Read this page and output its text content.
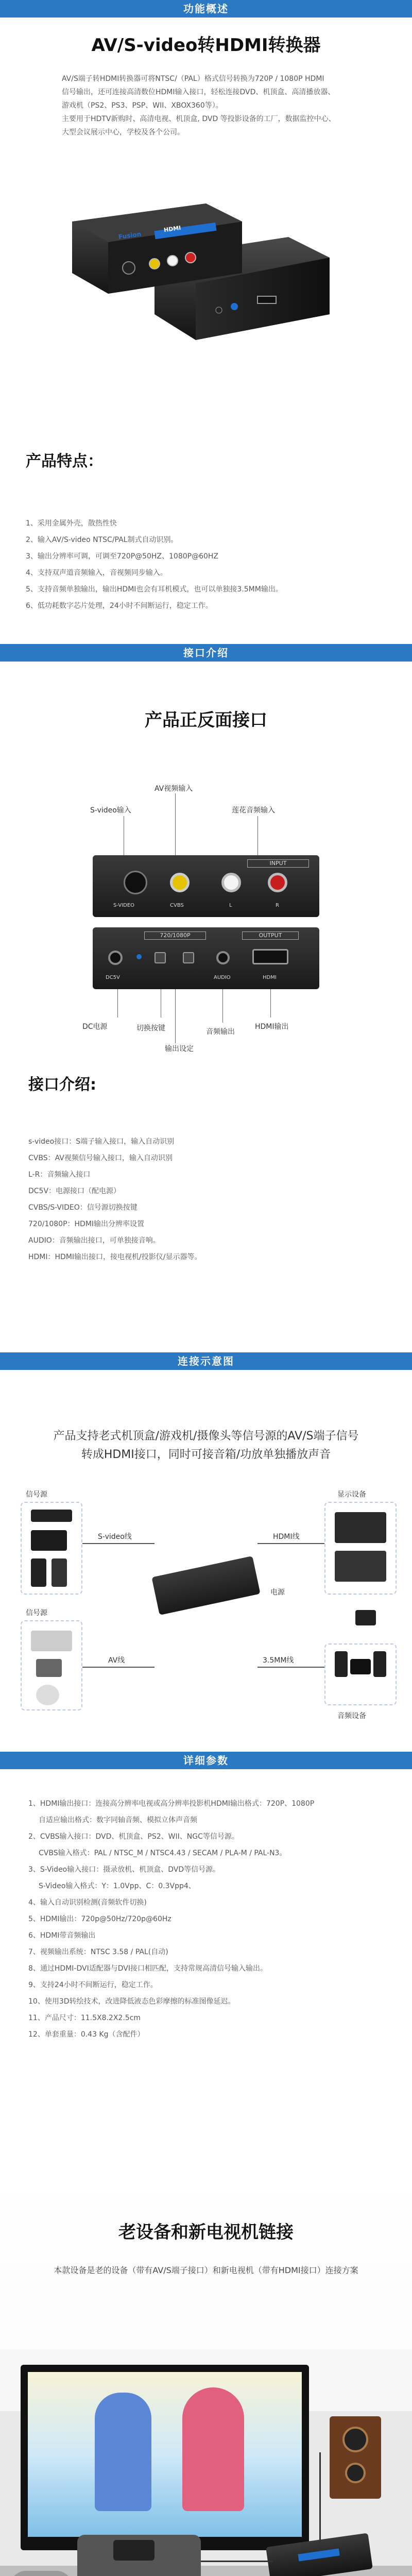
功能概述
AV/S-video转HDMI转换器
AV/S端子转HDMI转换器可将NTSC/（PAL）格式信号转换为720P / 1080P HDMI
信号输出，还可连接高清数位HDMI输入接口，轻松连接DVD、机顶盒、高清播放器、
游戏机（PS2、PS3、PSP、WII、XBOX360等）。
主要用于HDTV新购时、高清电视、机顶盒, DVD 等投影设备的工厂，数据监控中心、
大型会议展示中心，学校及各个公司。
HDMI
Fusion
产品特点：
1、采用金属外壳，散热性快
2、输入AV/S-video NTSC/PAL制式自动识别。
3、输出分辨率可调，可调至720P@50HZ、1080P@60HZ
4、支持双声道音频输入，音视频同步输入。
5、支持音频单独输出，输出HDMI也会有耳机模式，也可以单独接3.5MM输出。
6、低功耗数字芯片处理，24小时不间断运行，稳定工作。
接口介绍
产品正反面接口
AV视频输入
S-video输入	莲花音频输入
INPUT
S-VIDEO	CVBS	L	R
720/1080P	OUTPUT
DC5V	AUDIO	HDMI
DC电源	切换按键
输出设定
音频输出
HDMI输出
接口介绍:
s-video接口：S端子输入接口，输入自动识别
CVBS：AV视频信号输入接口，输入自动识别
L-R：音频输入接口
DC5V：电源接口（配电源）
CVBS/S-VIDEO：信号源切换按键
720/1080P：HDMI输出分辨率设置
AUDIO：音频输出接口，可单独接音响。
HDMI：HDMI输出接口，接电视机/投影仪/显示器等。
连接示意图
产品支持老式机顶盒/游戏机/摄像头等信号源的AV/S端子信号
转成HDMI接口，同时可接音箱/功放单独播放声音
信号源	显示设备
信号源
音频设备
S-video线
AV线
HDMI线
电源
3.5MM线
详细参数
1、HDMI输出接口：连接高分辨率电视或高分辨率投影机HDMI输出格式：720P、1080P
自适应输出格式：数字同轴音频、模拟立体声音频
2、CVBS输入接口：DVD、机顶盒、PS2、WII、NGC等信号源。
CVBS输入格式：PAL / NTSC_M / NTSC4.43 / SECAM / PLA-M / PAL-N3。
3、S-Video输入接口：摄录放机、机顶盒、DVD等信号源。
S-Video输入格式：Y：1.0Vpp、C：0.3Vpp4、
4、输入自动识别检测(音频软件切换)
5、HDMI输出：720p@50Hz/720p@60Hz
6、HDMI带音频输出
7、视频输出系统：NTSC 3.58 / PAL(自动)
8、通过HDMI-DVI适配器与DVI接口相匹配，支持常规高清信号输入输出。
9、支持24小时不间断运行，稳定工作。
10、使用3D转绘技术，改进降低液态色彩摩擦的标准图像延迟。
11、产品尺寸：11.5X8.2X2.5cm
12、单套重量：0.43 Kg（含配件）
老设备和新电视机链接
本款设备是老的设备（带有AV/S端子接口）和新电视机（带有HDMI接口）连接方案
